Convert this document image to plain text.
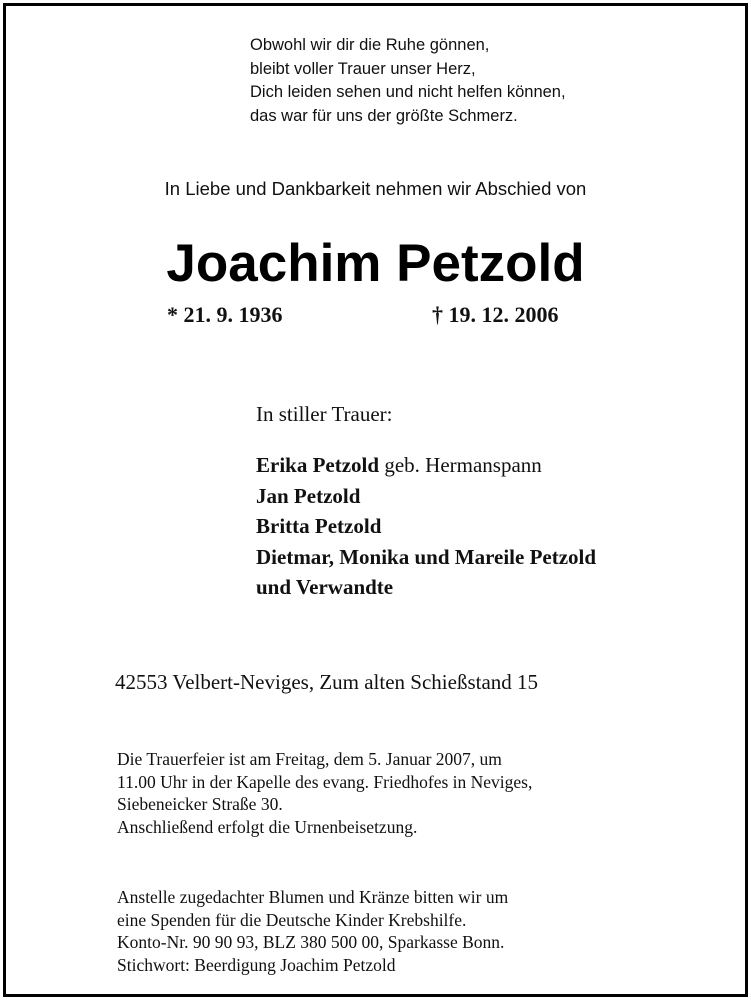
Obwohl wir dir die Ruhe gönnen,
bleibt voller Trauer unser Herz,
Dich leiden sehen und nicht helfen können,
das war für uns der größte Schmerz.
In Liebe und Dankbarkeit nehmen wir Abschied von
Joachim Petzold
* 21. 9. 1936	† 19. 12. 2006
In stiller Trauer:
Erika Petzold geb. Hermanspann
Jan Petzold
Britta Petzold
Dietmar, Monika und Mareile Petzold
und Verwandte
42553 Velbert-Neviges, Zum alten Schießstand 15
Die Trauerfeier ist am Freitag, dem 5. Januar 2007, um
11.00 Uhr in der Kapelle des evang. Friedhofes in Neviges,
Siebeneicker Straße 30.
Anschließend erfolgt die Urnenbeisetzung.
Anstelle zugedachter Blumen und Kränze bitten wir um
eine Spenden für die Deutsche Kinder Krebshilfe.
Konto-Nr. 90 90 93, BLZ 380 500 00, Sparkasse Bonn.
Stichwort: Beerdigung Joachim Petzold
